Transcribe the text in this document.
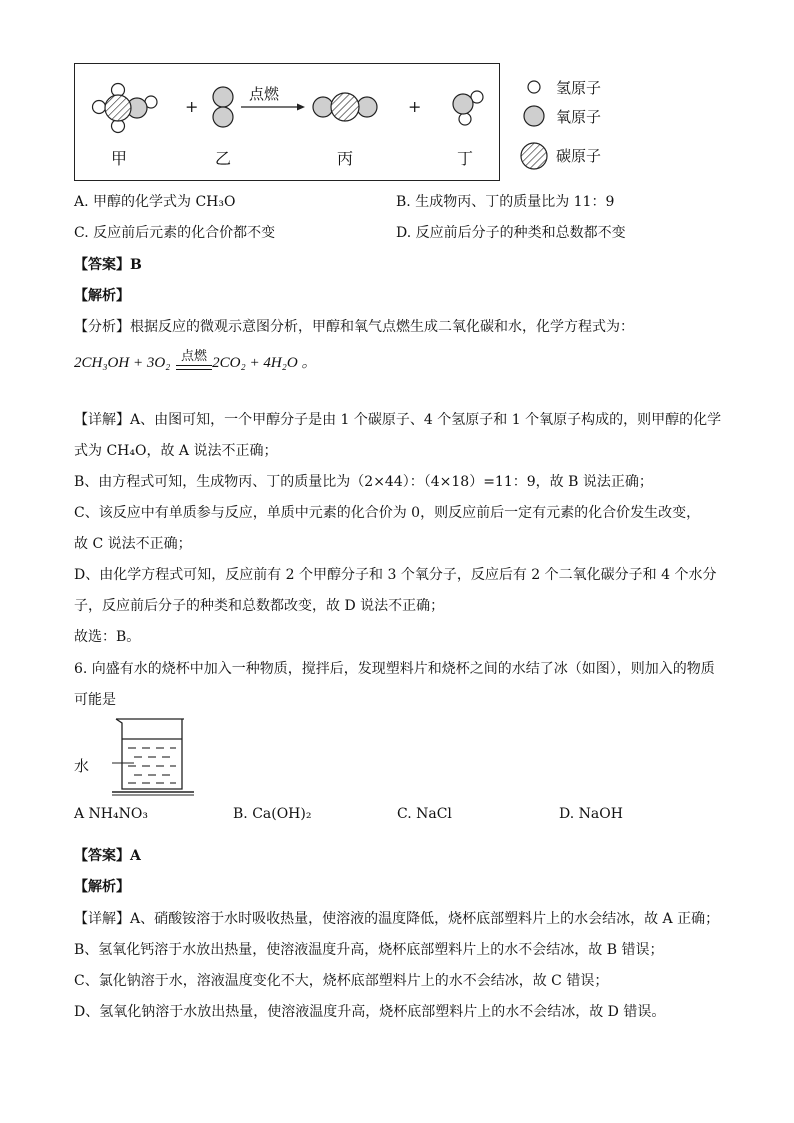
+	+
点燃
甲	乙	丙	丁
氢原子
氧原子
碳原子
A. 甲醇的化学式为 CH₃O	B. 生成物丙、丁的质量比为 11：9
C. 反应前后元素的化合价都不变	D. 反应前后分子的种类和总数都不变
【答案】B
【解析】
【分析】根据反应的微观示意图分析，甲醇和氧气点燃生成二氧化碳和水，化学方程式为：
2CH₃OH + 3O₂ 点燃 2CO₂ + 4H₂O 。
【详解】A、由图可知，一个甲醇分子是由 1 个碳原子、4 个氢原子和 1 个氧原子构成的，则甲醇的化学
式为 CH₄O，故 A 说法不正确；
B、由方程式可知，生成物丙、丁的质量比为（2×44）：（4×18）=11：9，故 B 说法正确；
C、该反应中有单质参与反应，单质中元素的化合价为 0，则反应前后一定有元素的化合价发生改变，
故 C 说法不正确；
D、由化学方程式可知，反应前有 2 个甲醇分子和 3 个氧分子，反应后有 2 个二氧化碳分子和 4 个水分
子，反应前后分子的种类和总数都改变，故 D 说法不正确；
故选：B。
6. 向盛有水的烧杯中加入一种物质，搅拌后，发现塑料片和烧杯之间的水结了冰（如图），则加入的物质
可能是
水
A NH₄NO₃	B. Ca(OH)₂	C. NaCl	D. NaOH
【答案】A
【解析】
【详解】A、硝酸铵溶于水时吸收热量，使溶液的温度降低，烧杯底部塑料片上的水会结冰，故 A 正确；
B、氢氧化钙溶于水放出热量，使溶液温度升高，烧杯底部塑料片上的水不会结冰，故 B 错误；
C、氯化钠溶于水，溶液温度变化不大，烧杯底部塑料片上的水不会结冰，故 C 错误；
D、氢氧化钠溶于水放出热量，使溶液温度升高，烧杯底部塑料片上的水不会结冰，故 D 错误。
